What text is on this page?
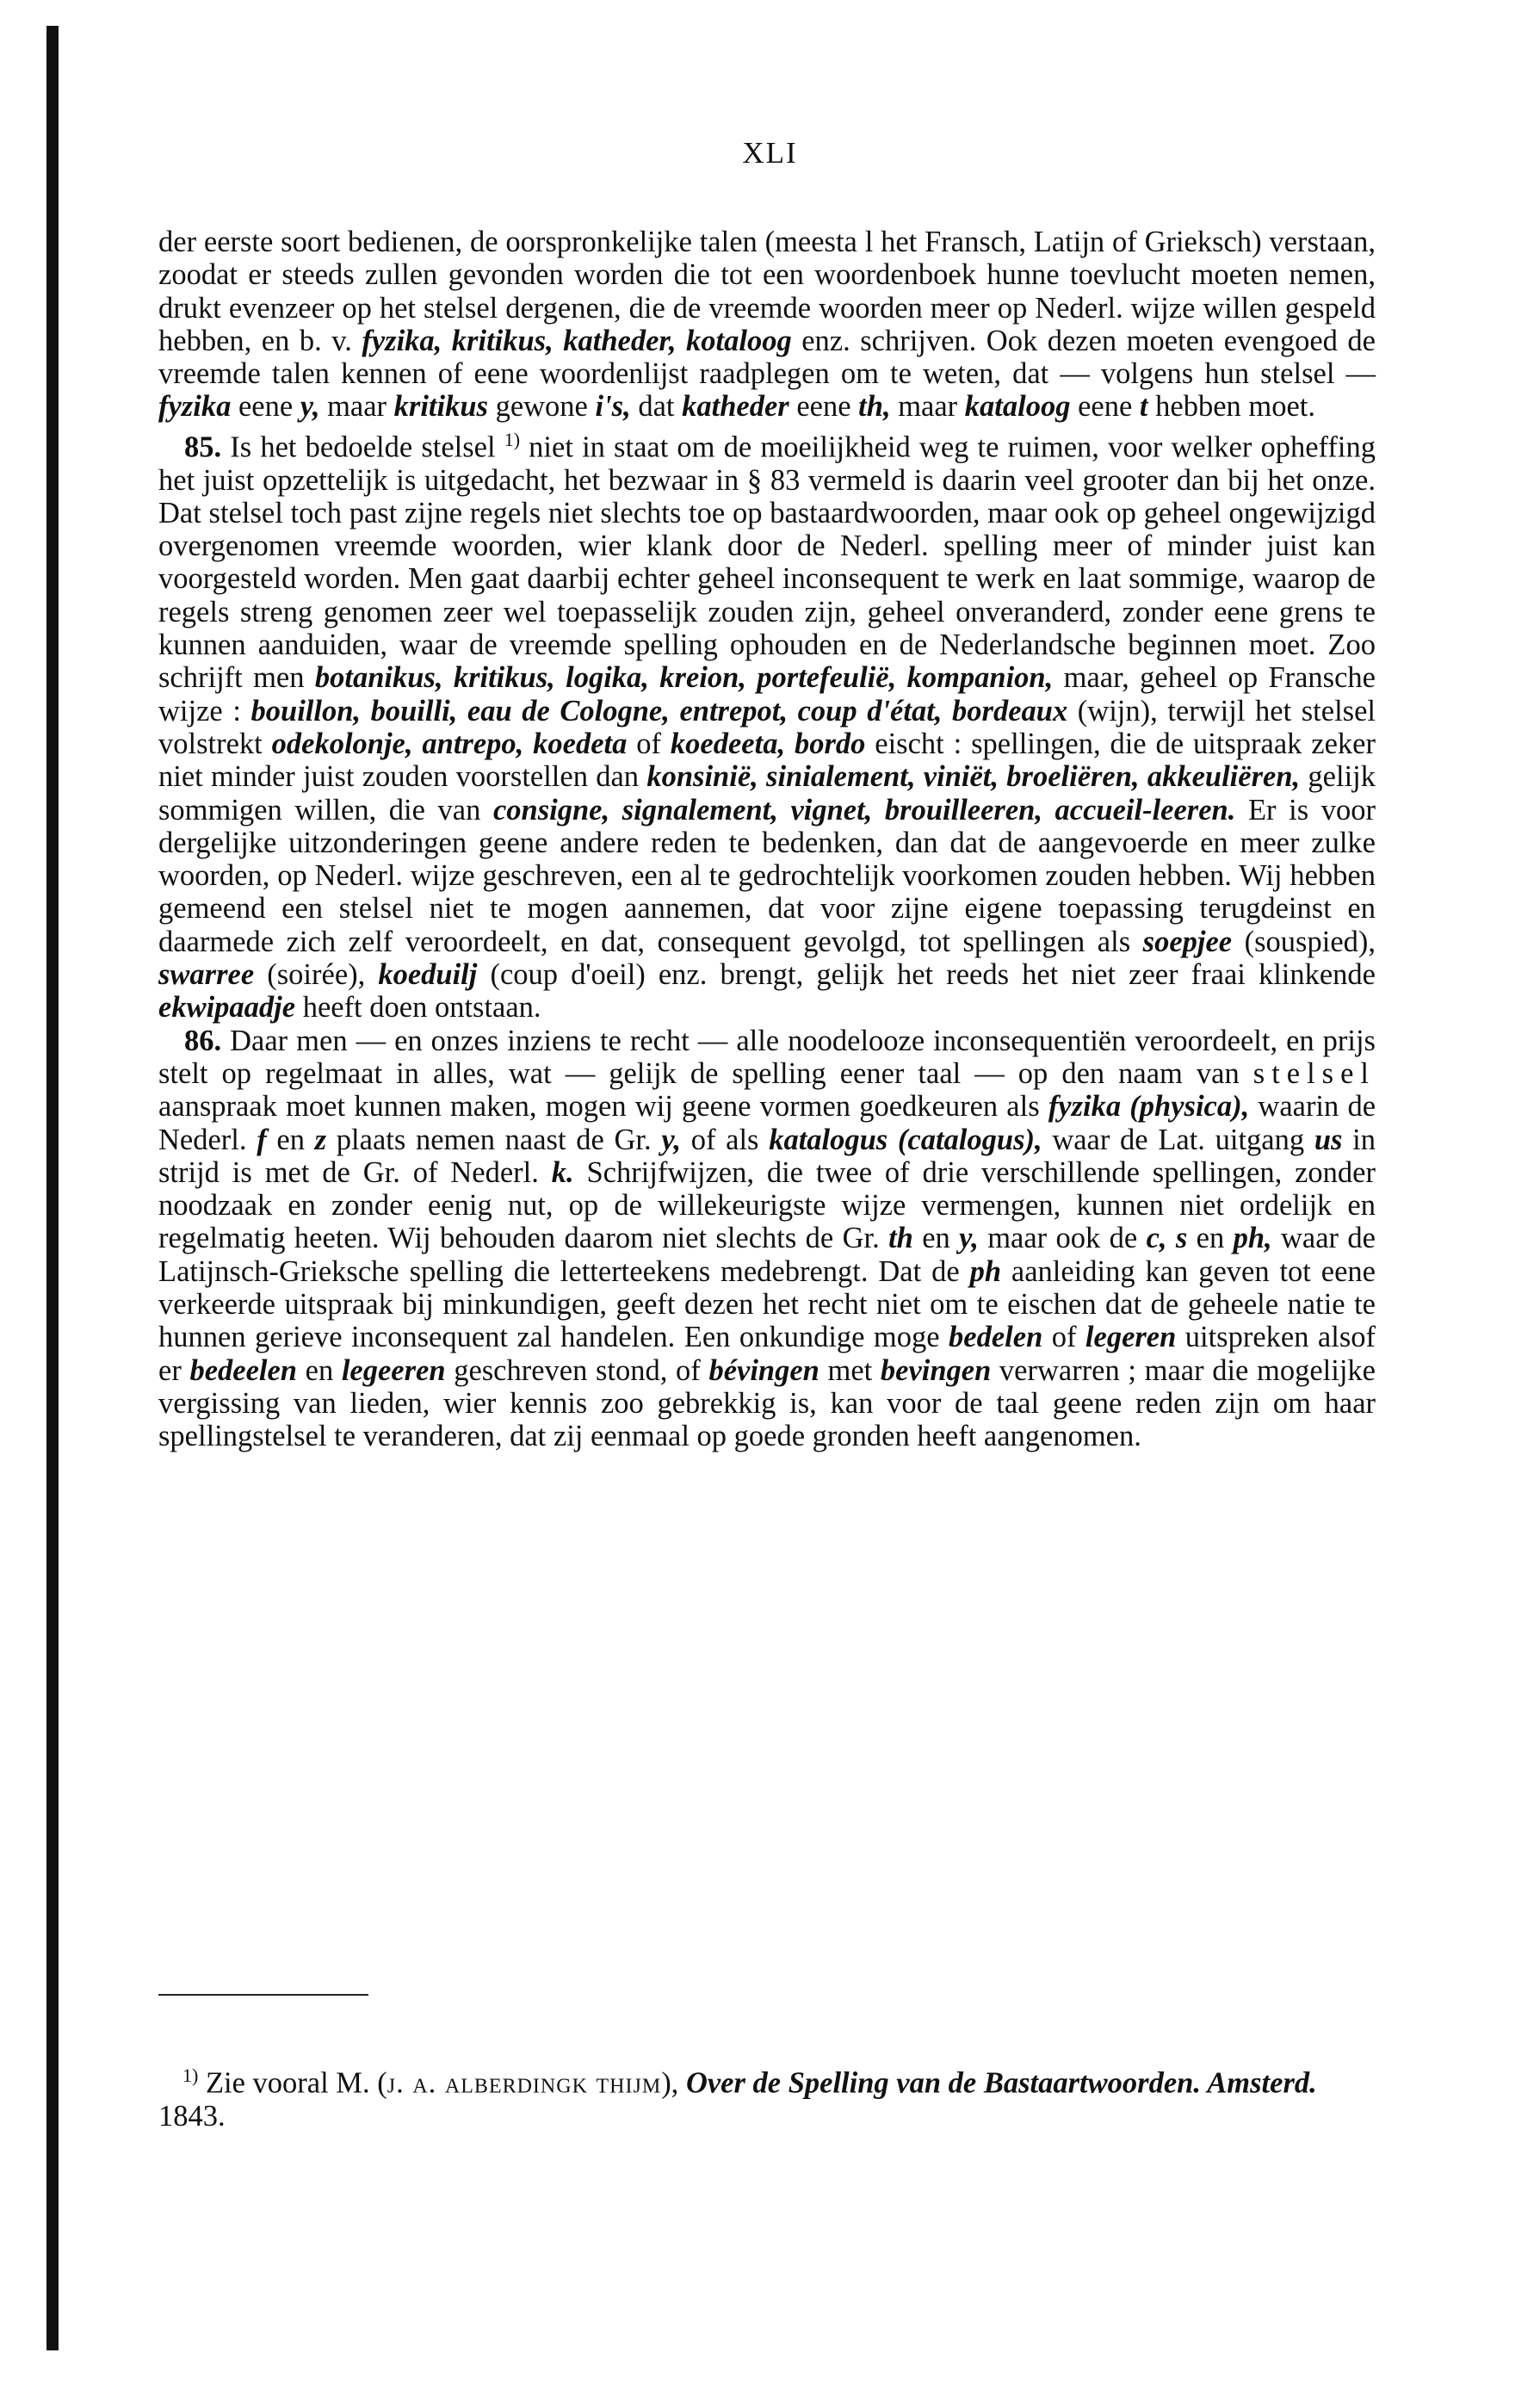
XLI

der eerste soort bedienen, de oorspronkelijke talen (meesta l het Fransch, Latijn of Grieksch) verstaan, zoodat er steeds zullen gevonden worden die tot een woordenboek hunne toevlucht moeten nemen, drukt evenzeer op het stelsel dergenen, die de vreemde woorden meer op Nederl. wijze willen gespeld hebben, en b. v. fyzika, kritikus, katheder, kotaloog enz. schrijven. Ook dezen moeten evengoed de vreemde talen kennen of eene woordenlijst raadplegen om te weten, dat — volgens hun stelsel — fyzika eene y, maar kritikus gewone i's, dat katheder eene th, maar kataloog eene t hebben moet.

85. Is het bedoelde stelsel $^{1)}$ niet in staat om de moeilijkheid weg te ruimen, voor welker opheffing het juist opzettelijk is uitgedacht, het bezwaar in § 83 vermeld is daarin veel grooter dan bij het onze. Dat stelsel toch past zijne regels niet slechts toe op bastaardwoorden, maar ook op geheel ongewijzigd overgenomen vreemde woorden, wier klank door de Nederl. spelling meer of minder juist kan voorgesteld worden. Men gaat daarbij echter geheel inconsequent te werk en laat sommige, waarop de regels streng genomen zeer wel toepasselijk zouden zijn, geheel onveranderd, zonder eene grens te kunnen aanduiden, waar de vreemde spelling ophouden en de Nederlandsche beginnen moet. Zoo schrijft men botanikus, kritikus, logika, kreion, portefeulië, kompanion, maar, geheel op Fransche wijze : bouillon, bouilli, eau de Cologne, entrepot, coup d'état, bordeaux (wijn), terwijl het stelsel volstrekt odekolonje, antrepo, koedeta of koedeeta, bordo eischt : spellingen, die de uitspraak zeker niet minder juist zouden voorstellen dan konsinië, sinialement, viniët, broeliëren, akkeuliëren, gelijk sommigen willen, die van consigne, signalement, vignet, brouilleeren, accueil-leeren. Er is voor dergelijke uitzonderingen geene andere reden te bedenken, dan dat de aangevoerde en meer zulke woorden, op Nederl. wijze geschreven, een al te gedrochtelijk voorkomen zouden hebben. Wij hebben gemeend een stelsel niet te mogen aannemen, dat voor zijne eigene toepassing terugdeinst en daarmede zich zelf veroordeelt, en dat, consequent gevolgd, tot spellingen als soepjee (souspied), swarree (soirée), koeduilj (coup d'oeil) enz. brengt, gelijk het reeds het niet zeer fraai klinkende ekwipaadje heeft doen ontstaan.

86. Daar men — en onzes inziens te recht — alle noodelooze inconsequentiën veroordeelt, en prijs stelt op regelmaat in alles, wat — gelijk de spelling eener taal — op den naam van stelsel aanspraak moet kunnen maken, mogen wij geene vormen goedkeuren als fyzika (physica), waarin de Nederl. f en z plaats nemen naast de Gr. y, of als katalogus (catalogus), waar de Lat. uitgang us in strijd is met de Gr. of Nederl. k. Schrijfwijzen, die twee of drie verschillende spellingen, zonder noodzaak en zonder eenig nut, op de willekeurigste wijze vermengen, kunnen niet ordelijk en regelmatig heeten. Wij behouden daarom niet slechts de Gr. th en y, maar ook de c, s en ph, waar de Latijnsch-Grieksche spelling die letterteekens medebrengt. Dat de ph aanleiding kan geven tot eene verkeerde uitspraak bij minkundigen, geeft dezen het recht niet om te eischen dat de geheele natie te hunnen gerieve inconsequent zal handelen. Een onkundige moge bedelen of legeren uitspreken alsof er bedeelen en legeeren geschreven stond, of bévingen met bevingen verwarren ; maar die mogelijke vergissing van lieden, wier kennis zoo gebrekkig is, kan voor de taal geene reden zijn om haar spellingstelsel te veranderen, dat zij eenmaal op goede gronden heeft aangenomen.

$^{1)}$ Zie vooral M. (j. a. alberdingk thijm), Over de Spelling van de Bastaartwoorden. Amsterd. 1843.
